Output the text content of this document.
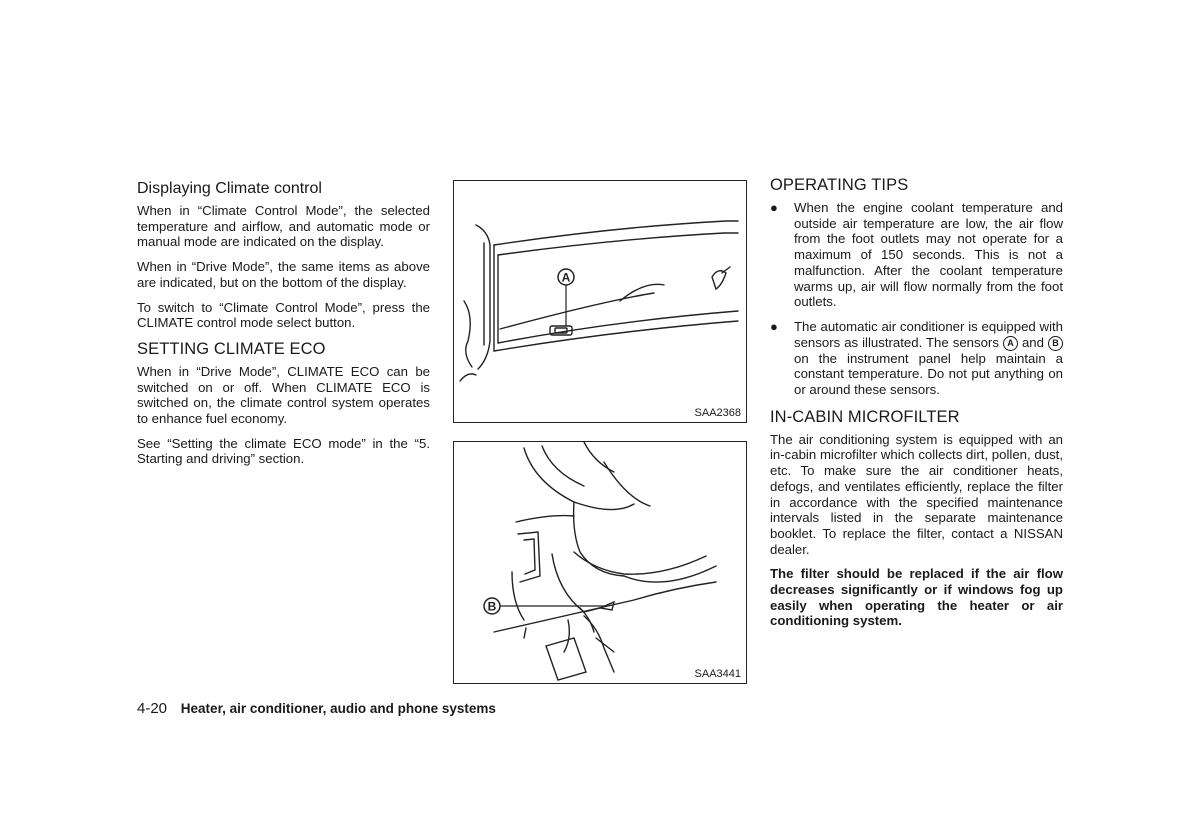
Displaying Climate control

When in “Climate Control Mode”, the selected temperature and airflow, and automatic mode or manual mode are indicated on the display.

When in “Drive Mode”, the same items as above are indicated, but on the bottom of the display.

To switch to “Climate Control Mode”, press the CLIMATE control mode select button.

SETTING CLIMATE ECO

When in “Drive Mode”, CLIMATE ECO can be switched on or off. When CLIMATE ECO is switched on, the climate control system operates to enhance fuel economy.

See “Setting the climate ECO mode” in the “5. Starting and driving” section.

A
SAA2368
B
SAA3441
OPERATING TIPS
● When the engine coolant temperature and outside air temperature are low, the air flow from the foot outlets may not operate for a maximum of 150 seconds. This is not a malfunction. After the coolant temperature warms up, air will flow normally from the foot outlets.
● The automatic air conditioner is equipped with sensors as illustrated. The sensors A and B on the instrument panel help maintain a constant temperature. Do not put anything on or around these sensors.
IN-CABIN MICROFILTER

The air conditioning system is equipped with an in-cabin microfilter which collects dirt, pollen, dust, etc. To make sure the air conditioner heats, defogs, and ventilates efficiently, replace the filter in accordance with the specified maintenance intervals listed in the separate maintenance booklet. To replace the filter, contact a NISSAN dealer.

The filter should be replaced if the air flow decreases significantly or if windows fog up easily when operating the heater or air conditioning system.

4-20 Heater, air conditioner, audio and phone systems
